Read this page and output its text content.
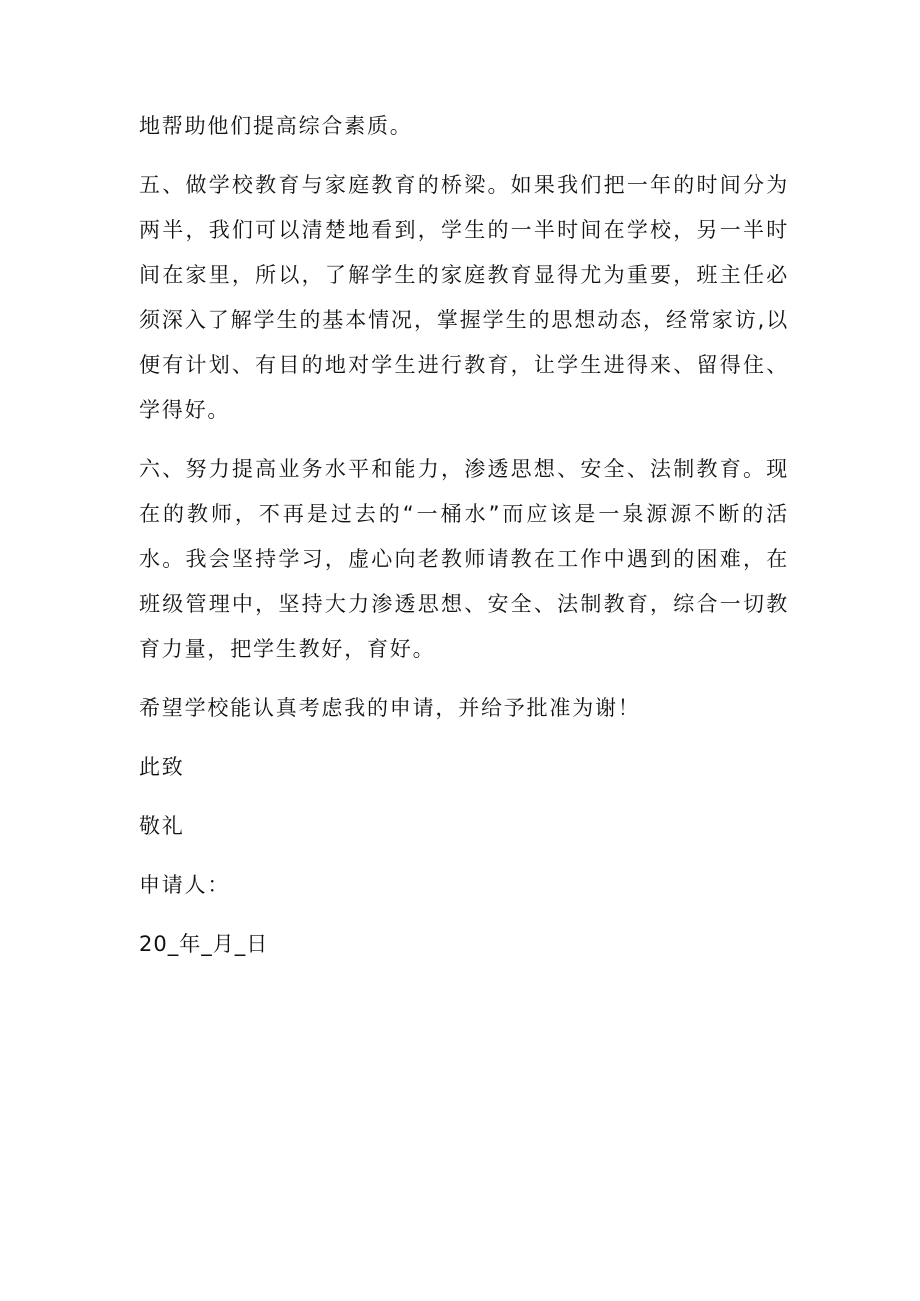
地帮助他们提高综合素质。

五、做学校教育与家庭教育的桥梁。如果我们把一年的时间分为两半，我们可以清楚地看到，学生的一半时间在学校，另一半时间在家里，所以，了解学生的家庭教育显得尤为重要，班主任必须深入了解学生的基本情况，掌握学生的思想动态，经常家访,以便有计划、有目的地对学生进行教育，让学生进得来、留得住、学得好。

六、努力提高业务水平和能力，渗透思想、安全、法制教育。现在的教师，不再是过去的“一桶水”而应该是一泉源源不断的活水。我会坚持学习，虚心向老教师请教在工作中遇到的困难，在班级管理中，坚持大力渗透思想、安全、法制教育，综合一切教育力量，把学生教好，育好。

希望学校能认真考虑我的申请，并给予批准为谢！

此致

敬礼

申请人：

20_年_月_日
